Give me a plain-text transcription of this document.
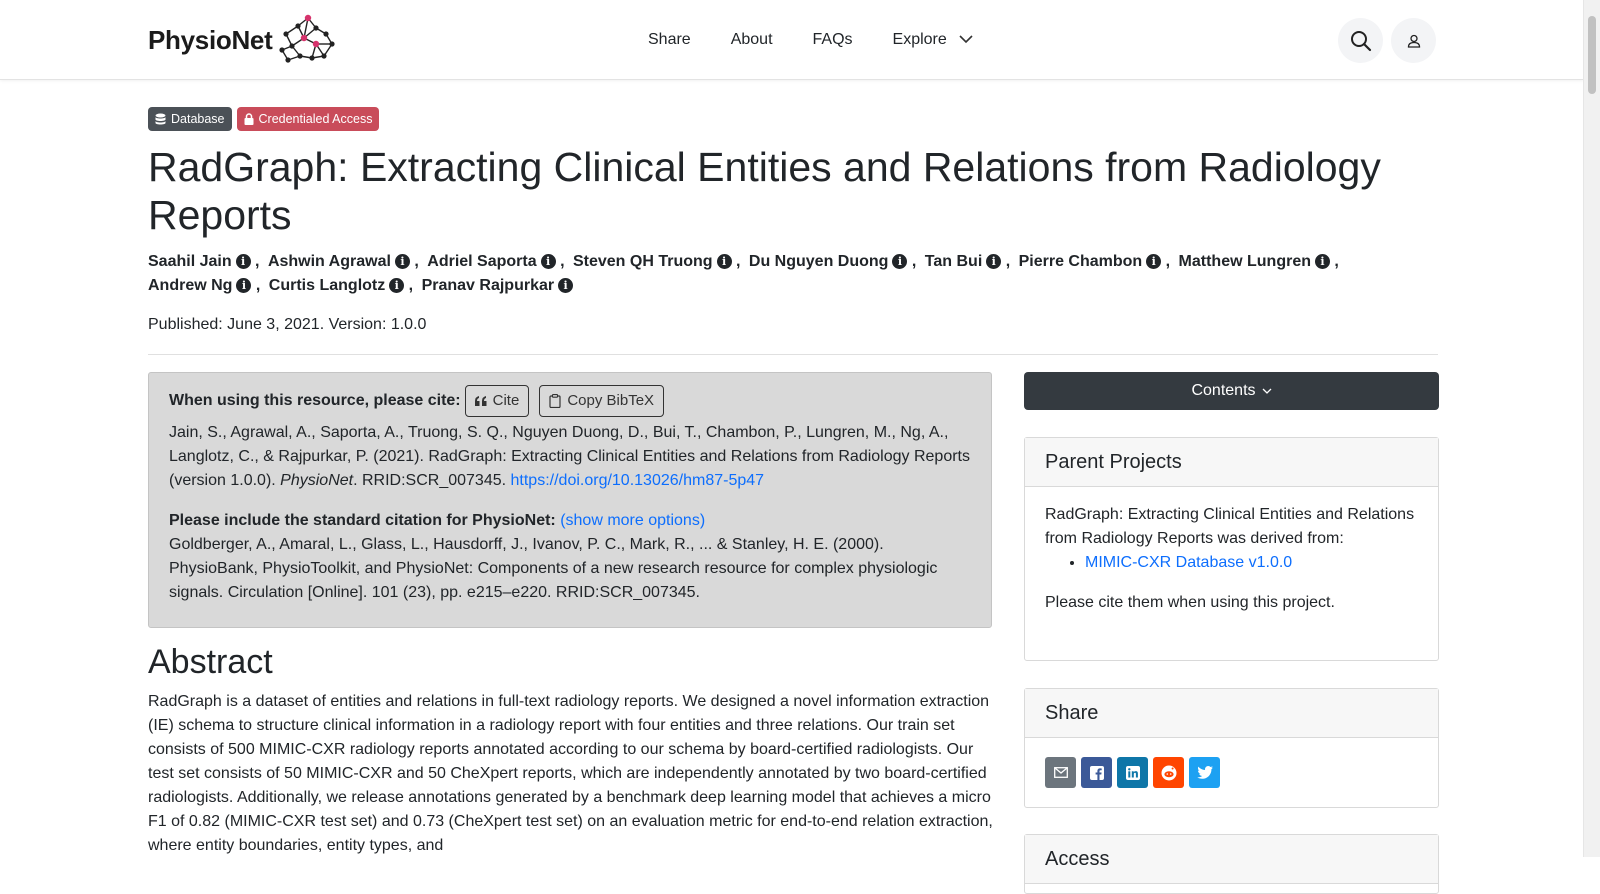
PhysioNet	Share	About	FAQs	Explore
Database	Credentialed Access
RadGraph: Extracting Clinical Entities and Relations from Radiology Reports
Saahil Jain i , Ashwin Agrawal i , Adriel Saporta i , Steven QH Truong i , Du Nguyen Duong i , Tan Bui i , Pierre Chambon i , Matthew Lungren i , Andrew Ng i , Curtis Langlotz i , Pranav Rajpurkar i
Published: June 3, 2021. Version: 1.0.0
When using this resource, please cite: Cite	Copy BibTeX
Jain, S., Agrawal, A., Saporta, A., Truong, S. Q., Nguyen Duong, D., Bui, T., Chambon, P., Lungren, M., Ng, A., Langlotz, C., & Rajpurkar, P. (2021). RadGraph: Extracting Clinical Entities and Relations from Radiology Reports (version 1.0.0). PhysioNet. RRID:SCR_007345. https://doi.org/10.13026/hm87-5p47
Please include the standard citation for PhysioNet: (show more options)
Goldberger, A., Amaral, L., Glass, L., Hausdorff, J., Ivanov, P. C., Mark, R., ... & Stanley, H. E. (2000). PhysioBank, PhysioToolkit, and PhysioNet: Components of a new research resource for complex physiologic signals. Circulation [Online]. 101 (23), pp. e215–e220. RRID:SCR_007345.
Abstract

RadGraph is a dataset of entities and relations in full-text radiology reports. We designed a novel information extraction (IE) schema to structure clinical information in a radiology report with four entities and three relations. Our train set consists of 500 MIMIC-CXR radiology reports annotated according to our schema by board-certified radiologists. Our test set consists of 50 MIMIC-CXR and 50 CheXpert reports, which are independently annotated by two board-certified radiologists. Additionally, we release annotations generated by a benchmark deep learning model that achieves a micro F1 of 0.82 (MIMIC-CXR test set) and 0.73 (CheXpert test set) on an evaluation metric for end-to-end relation extraction, where entity boundaries, entity types, and

Contents
Parent Projects

RadGraph: Extracting Clinical Entities and Relations from Radiology Reports was derived from:

• MIMIC-CXR Database v1.0.0

Please cite them when using this project.

Share
Access
